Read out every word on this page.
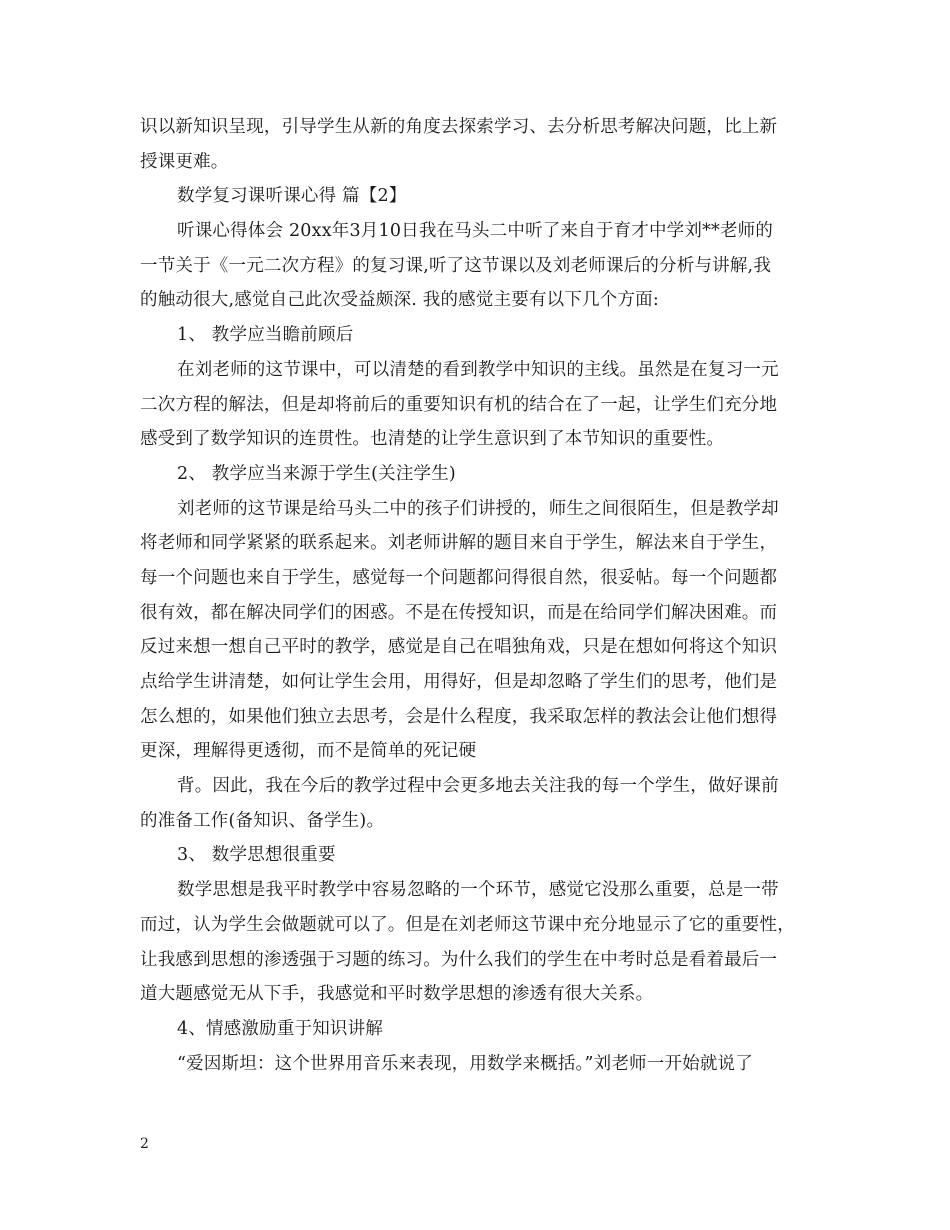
识以新知识呈现，引导学生从新的角度去探索学习、去分析思考解决问题，比上新
授课更难。
数学复习课听课心得 篇【2】
听课心得体会 20xx年3月10日我在马头二中听了来自于育才中学刘**老师的
一节关于《一元二次方程》的复习课,听了这节课以及刘老师课后的分析与讲解,我
的触动很大,感觉自己此次受益颇深. 我的感觉主要有以下几个方面:
1、 教学应当瞻前顾后
在刘老师的这节课中，可以清楚的看到教学中知识的主线。虽然是在复习一元
二次方程的解法，但是却将前后的重要知识有机的结合在了一起，让学生们充分地
感受到了数学知识的连贯性。也清楚的让学生意识到了本节知识的重要性。
2、 教学应当来源于学生(关注学生)
刘老师的这节课是给马头二中的孩子们讲授的，师生之间很陌生，但是教学却
将老师和同学紧紧的联系起来。刘老师讲解的题目来自于学生，解法来自于学生，
每一个问题也来自于学生，感觉每一个问题都问得很自然，很妥帖。每一个问题都
很有效，都在解决同学们的困惑。不是在传授知识，而是在给同学们解决困难。而
反过来想一想自己平时的教学，感觉是自己在唱独角戏，只是在想如何将这个知识
点给学生讲清楚，如何让学生会用，用得好，但是却忽略了学生们的思考，他们是
怎么想的，如果他们独立去思考，会是什么程度，我采取怎样的教法会让他们想得
更深，理解得更透彻，而不是简单的死记硬
背。因此，我在今后的教学过程中会更多地去关注我的每一个学生，做好课前
的准备工作(备知识、备学生)。
3、 数学思想很重要
数学思想是我平时教学中容易忽略的一个环节，感觉它没那么重要，总是一带
而过，认为学生会做题就可以了。但是在刘老师这节课中充分地显示了它的重要性，
让我感到思想的渗透强于习题的练习。为什么我们的学生在中考时总是看着最后一
道大题感觉无从下手，我感觉和平时数学思想的渗透有很大关系。
4、情感激励重于知识讲解
“爱因斯坦：这个世界用音乐来表现，用数学来概括。”刘老师一开始就说了
2
